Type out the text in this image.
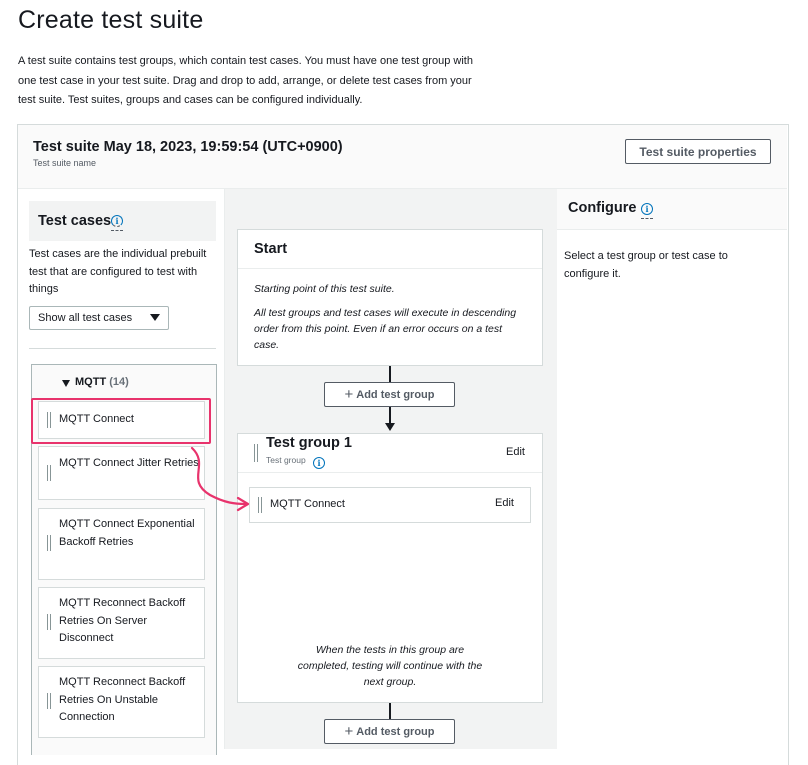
Create test suite
A test suite contains test groups, which contain test cases. You must have one test group with one test case in your test suite. Drag and drop to add, arrange, or delete test cases from your test suite. Test suites, groups and cases can be configured individually.
Test suite May 18, 2023, 19:59:54 (UTC+0900)
Test suite name
Test suite properties
Test cases i
Test cases are the individual prebuilt test that are configured to test with things
Show all test cases
MQTT (14)
MQTT Connect
MQTT Connect Jitter Retries
MQTT Connect Exponential Backoff Retries
MQTT Reconnect Backoff Retries On Server Disconnect
MQTT Reconnect Backoff Retries On Unstable Connection
Start
Starting point of this test suite.
All test groups and test cases will execute in descending order from this point. Even if an error occurs on a test case.
+ Add test group
Test group 1
Test group	i
Edit
MQTT Connect	Edit
When the tests in this group are completed, testing will continue with the next group.
+ Add test group
Configure	i
Select a test group or test case to configure it.
